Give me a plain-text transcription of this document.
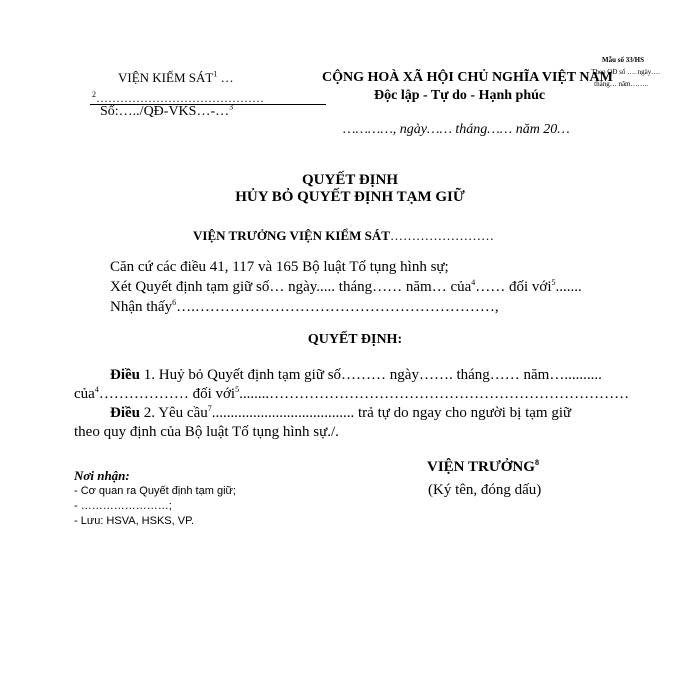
Mẫu số 33/HS
Theo QĐ số …. ngày….
tháng… năm……..
VIỆN KIỂM SÁT$^1$ …
$^2$……………………………………
Số:…../QĐ-VKS…-…$^3$
CỘNG HOÀ XÃ HỘI CHỦ NGHĨA VIỆT NAM
Độc lập - Tự do - Hạnh phúc
…………, ngày…… tháng…… năm 20…
QUYẾT ĐỊNH
HỦY BỎ QUYẾT ĐỊNH TẠM GIỮ
VIỆN TRƯỞNG VIỆN KIỂM SÁT……………………
Căn cứ các điều 41, 117 và 165 Bộ luật Tố tụng hình sự;
Xét Quyết định tạm giữ số… ngày..... tháng…… năm… của$^4$…… đối với$^5$.......
Nhận thấy$^6$….……………………………………………………,
QUYẾT ĐỊNH:
Điều 1. Huỷ bỏ Quyết định tạm giữ số……… ngày……. tháng…… năm…..........
của$^4$……………… đối với$^5$........………………………………………………………………
Điều 2. Yêu cầu$^7$...................................... trả tự do ngay cho người bị tạm giữ
theo quy định của Bộ luật Tố tụng hình sự./.
Nơi nhận:
- Cơ quan ra Quyết định tạm giữ;
- ……………………;
- Lưu: HSVA, HSKS, VP.
VIỆN TRƯỞNG$^8$
(Ký tên, đóng dấu)
